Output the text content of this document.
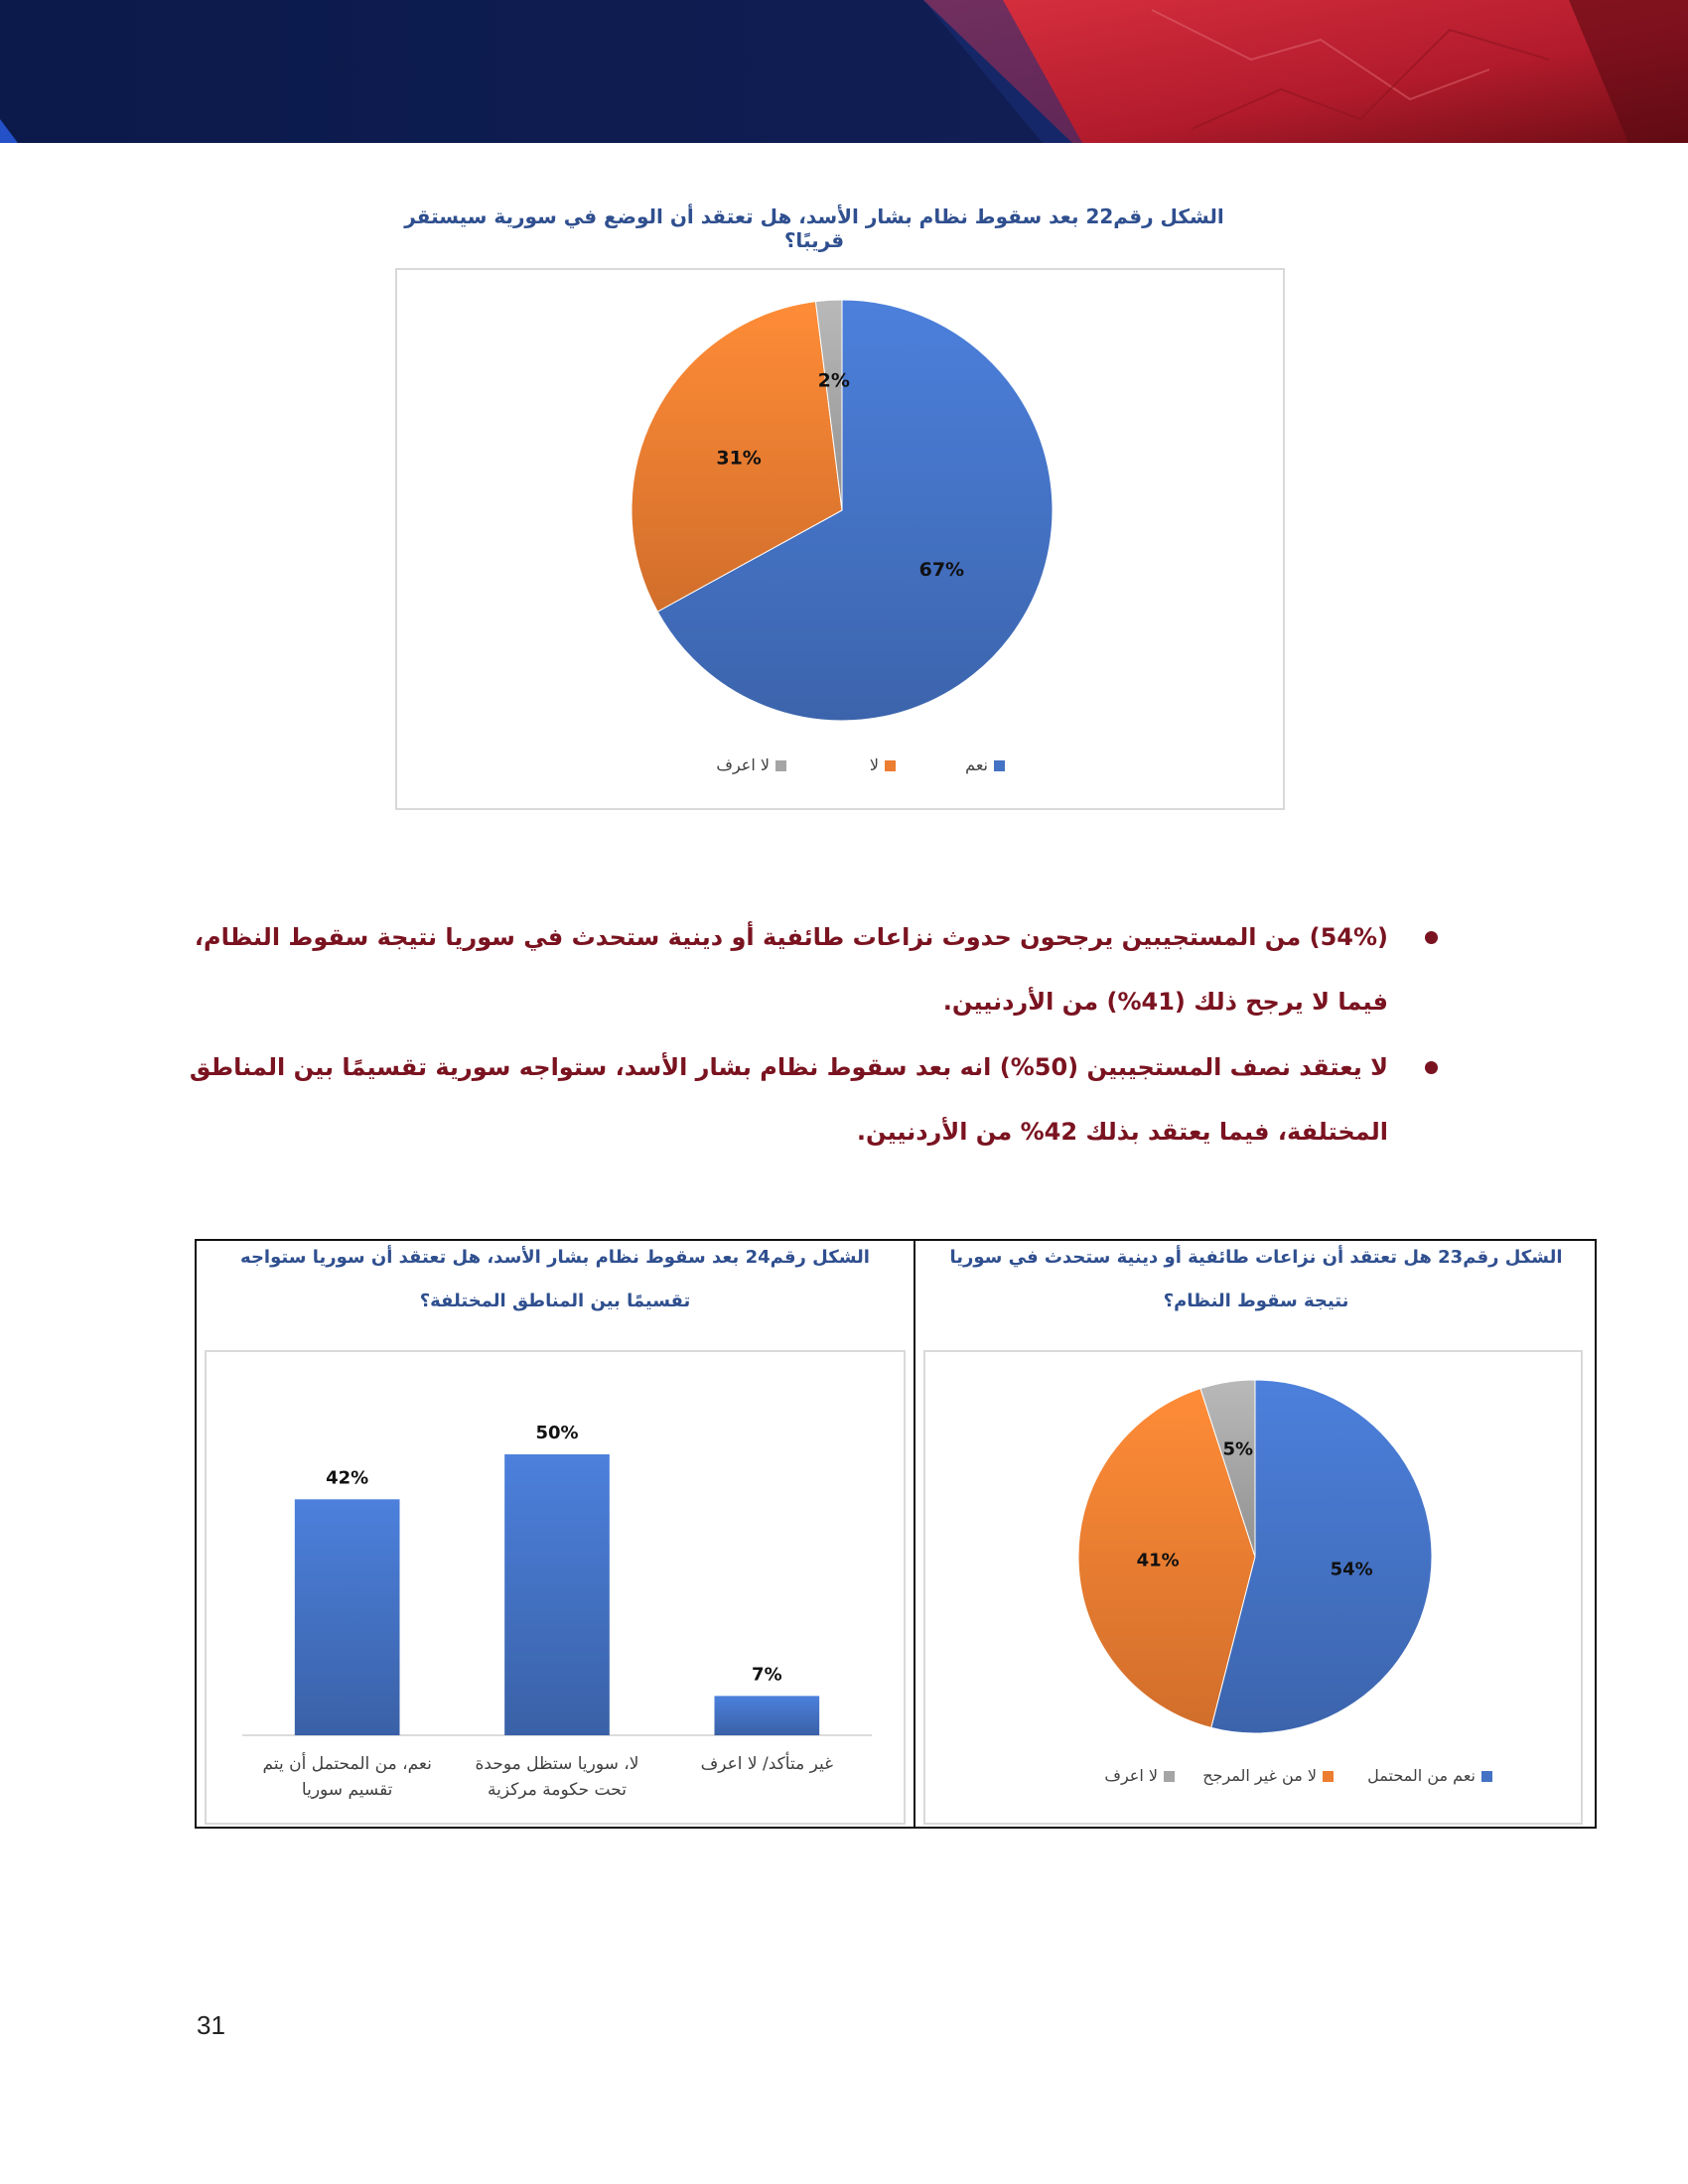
الشكل رقم22 بعد سقوط نظام بشار الأسد، هل تعتقد أن الوضع في سورية سيستقر قريبًا؟
67%
31%
2%
نعم
لا
لا اعرف
(54%) من المستجيبين يرجحون حدوث نزاعات طائفية أو دينية ستحدث في سوريا نتيجة سقوط النظام، فيما لا يرجح ذلك (41%) من الأردنيين.
لا يعتقد نصف المستجيبين (50%) انه بعد سقوط نظام بشار الأسد، ستواجه سورية تقسيمًا بين المناطق المختلفة، فيما يعتقد بذلك 42% من الأردنيين.
الشكل رقم23 هل تعتقد أن نزاعات طائفية أو دينية ستحدث في سوريا
نتيجة سقوط النظام؟
54%
41%
5%
نعم من المحتمل
لا من غير المرجح
لا اعرف
الشكل رقم24 بعد سقوط نظام بشار الأسد، هل تعتقد أن سوريا ستواجه
تقسيمًا بين المناطق المختلفة؟
42%
نعم، من المحتمل أن يتم
تقسيم سوريا
50%
لا، سوريا ستظل موحدة
تحت حكومة مركزية
7%
غير متأكد/ لا اعرف
31
